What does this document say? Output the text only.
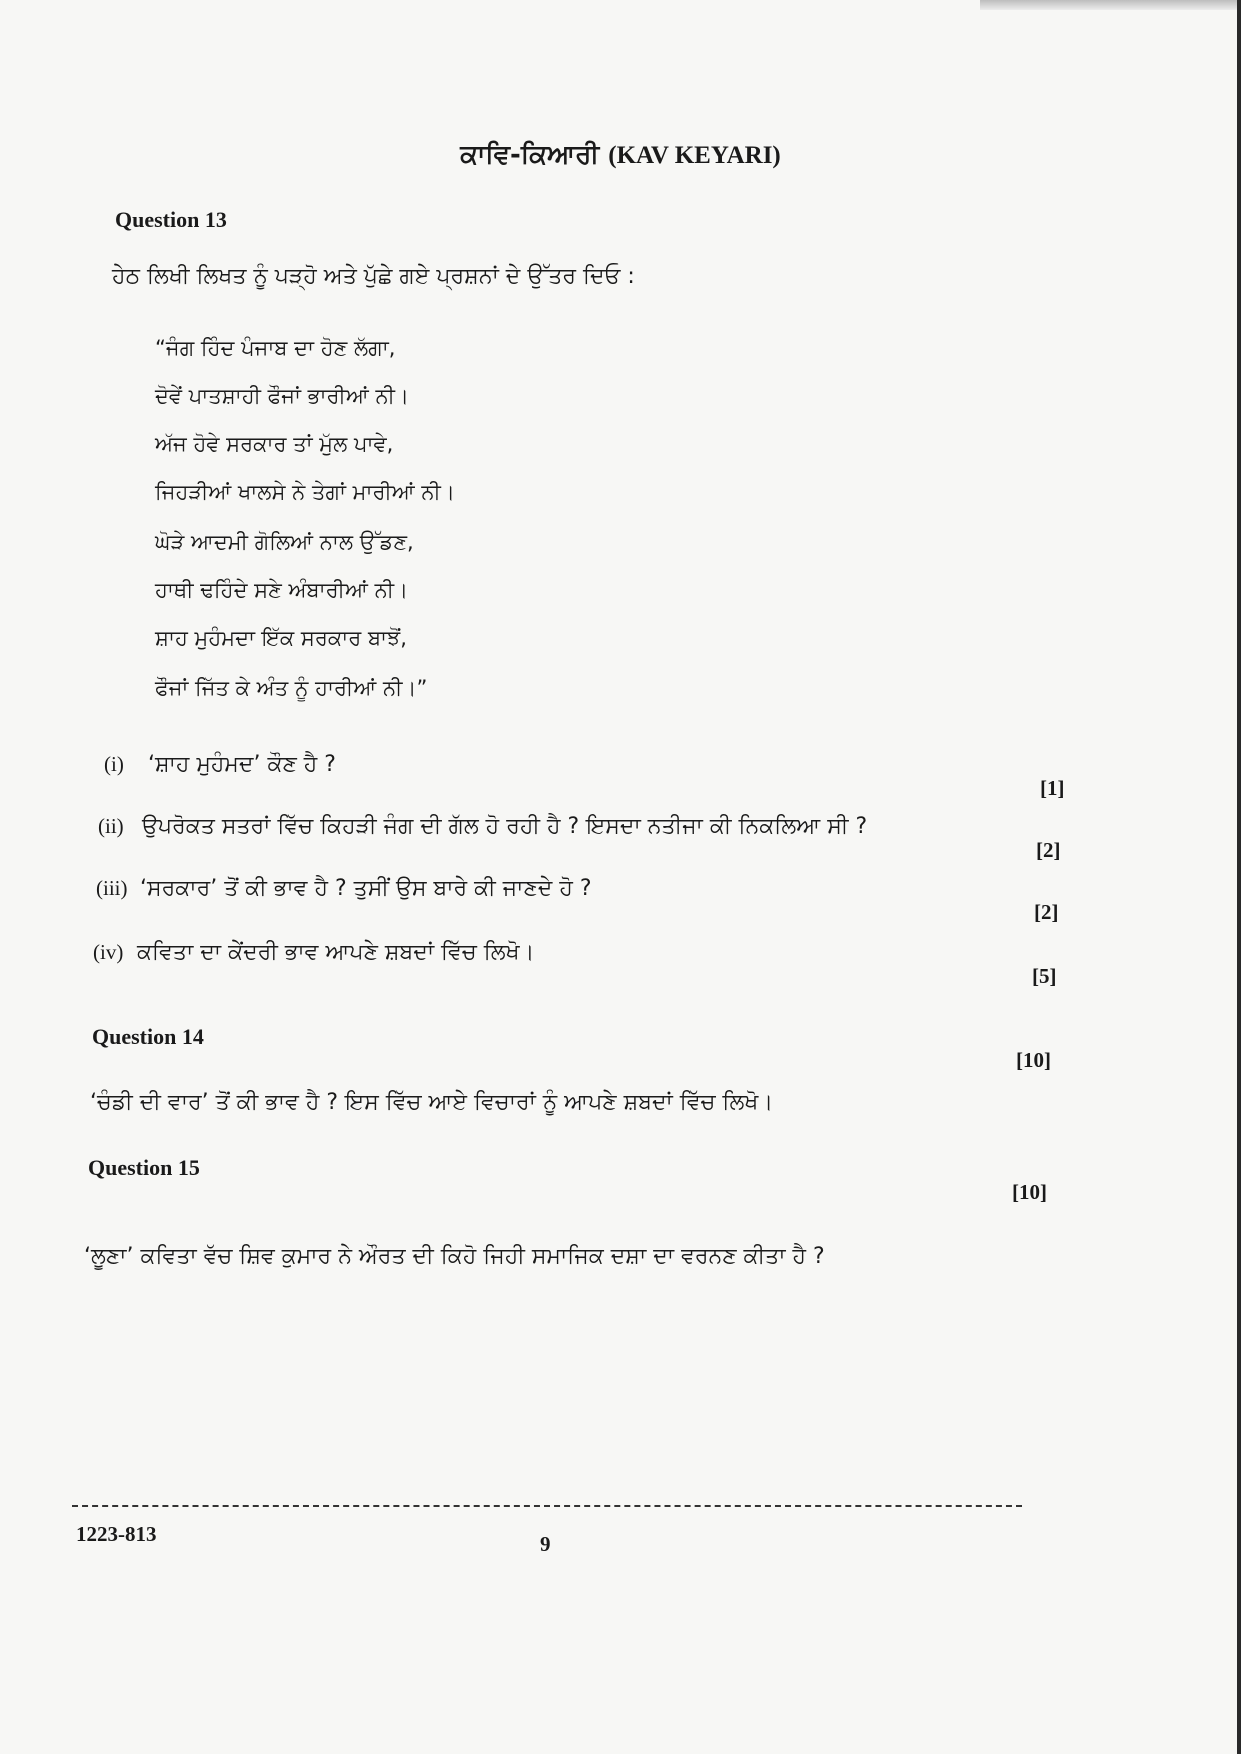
ਕਾਵਿ-ਕਿਆਰੀ (KAV KEYARI)
Question 13
ਹੇਠ ਲਿਖੀ ਲਿਖਤ ਨੂੰ ਪੜ੍ਹੋ ਅਤੇ ਪੁੱਛੇ ਗਏ ਪ੍ਰਸ਼ਨਾਂ ਦੇ ਉੱਤਰ ਦਿਓ :
“ਜੰਗ ਹਿੰਦ ਪੰਜਾਬ ਦਾ ਹੋਣ ਲੱਗਾ,
ਦੋਵੇਂ ਪਾਤਸ਼ਾਹੀ ਫੌਜਾਂ ਭਾਰੀਆਂ ਨੀ।
ਅੱਜ ਹੋਵੇ ਸਰਕਾਰ ਤਾਂ ਮੁੱਲ ਪਾਵੇ,
ਜਿਹੜੀਆਂ ਖਾਲਸੇ ਨੇ ਤੇਗਾਂ ਮਾਰੀਆਂ ਨੀ।
ਘੋੜੇ ਆਦਮੀ ਗੋਲਿਆਂ ਨਾਲ ਉੱਡਣ,
ਹਾਥੀ ਢਹਿੰਦੇ ਸਣੇ ਅੰਬਾਰੀਆਂ ਨੀ।
ਸ਼ਾਹ ਮੁਹੰਮਦਾ ਇੱਕ ਸਰਕਾਰ ਬਾਝੋਂ,
ਫੌਜਾਂ ਜਿੱਤ ਕੇ ਅੰਤ ਨੂੰ ਹਾਰੀਆਂ ਨੀ।”
(i) ‘ਸ਼ਾਹ ਮੁਹੰਮਦ’ ਕੌਣ ਹੈ ?
[1]
(ii) ਉਪਰੋਕਤ ਸਤਰਾਂ ਵਿੱਚ ਕਿਹੜੀ ਜੰਗ ਦੀ ਗੱਲ ਹੋ ਰਹੀ ਹੈ ? ਇਸਦਾ ਨਤੀਜਾ ਕੀ ਨਿਕਲਿਆ ਸੀ ?
[2]
(iii) ‘ਸਰਕਾਰ’ ਤੋਂ ਕੀ ਭਾਵ ਹੈ ? ਤੁਸੀਂ ਉਸ ਬਾਰੇ ਕੀ ਜਾਣਦੇ ਹੋ ?
[2]
(iv) ਕਵਿਤਾ ਦਾ ਕੇਂਦਰੀ ਭਾਵ ਆਪਣੇ ਸ਼ਬਦਾਂ ਵਿੱਚ ਲਿਖੋ।
[5]
Question 14
[10]
‘ਚੰਡੀ ਦੀ ਵਾਰ’ ਤੋਂ ਕੀ ਭਾਵ ਹੈ ? ਇਸ ਵਿੱਚ ਆਏ ਵਿਚਾਰਾਂ ਨੂੰ ਆਪਣੇ ਸ਼ਬਦਾਂ ਵਿੱਚ ਲਿਖੋ।
Question 15
[10]
‘ਲੂਣਾ’ ਕਵਿਤਾ ਵੱਚ ਸ਼ਿਵ ਕੁਮਾਰ ਨੇ ਔਰਤ ਦੀ ਕਿਹੋ ਜਿਹੀ ਸਮਾਜਿਕ ਦਸ਼ਾ ਦਾ ਵਰਨਣ ਕੀਤਾ ਹੈ ?
1223-813	9
